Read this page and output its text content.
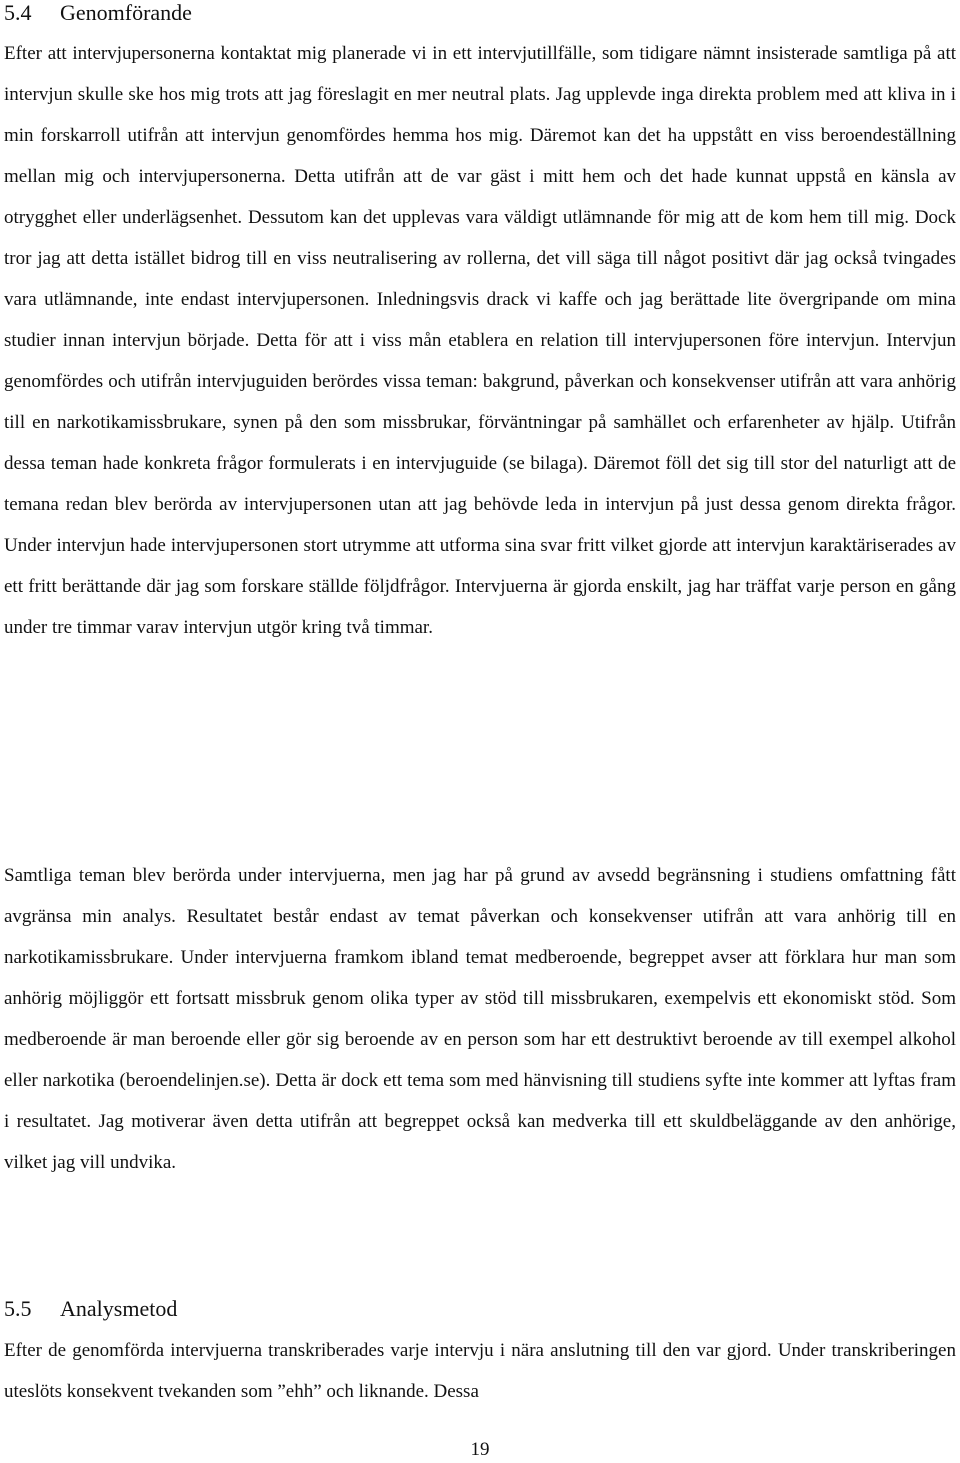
5.4 Genomförande

Efter att intervjupersonerna kontaktat mig planerade vi in ett intervjutillfälle, som tidigare nämnt insisterade samtliga på att intervjun skulle ske hos mig trots att jag föreslagit en mer neutral plats. Jag upplevde inga direkta problem med att kliva in i min forskarroll utifrån att intervjun genomfördes hemma hos mig. Däremot kan det ha uppstått en viss beroendeställning mellan mig och intervjupersonerna. Detta utifrån att de var gäst i mitt hem och det hade kunnat uppstå en känsla av otrygghet eller underlägsenhet. Dessutom kan det upplevas vara väldigt utlämnande för mig att de kom hem till mig. Dock tror jag att detta istället bidrog till en viss neutralisering av rollerna, det vill säga till något positivt där jag också tvingades vara utlämnande, inte endast intervjupersonen. Inledningsvis drack vi kaffe och jag berättade lite övergripande om mina studier innan intervjun började. Detta för att i viss mån etablera en relation till intervjupersonen före intervjun. Intervjun genomfördes och utifrån intervjuguiden berördes vissa teman: bakgrund, påverkan och konsekvenser utifrån att vara anhörig till en narkotikamissbrukare, synen på den som missbrukar, förväntningar på samhället och erfarenheter av hjälp. Utifrån dessa teman hade konkreta frågor formulerats i en intervjuguide (se bilaga). Däremot föll det sig till stor del naturligt att de temana redan blev berörda av intervjupersonen utan att jag behövde leda in intervjun på just dessa genom direkta frågor. Under intervjun hade intervjupersonen stort utrymme att utforma sina svar fritt vilket gjorde att intervjun karaktäriserades av ett fritt berättande där jag som forskare ställde följdfrågor. Intervjuerna är gjorda enskilt, jag har träffat varje person en gång under tre timmar varav intervjun utgör kring två timmar.

Samtliga teman blev berörda under intervjuerna, men jag har på grund av avsedd begränsning i studiens omfattning fått avgränsa min analys. Resultatet består endast av temat påverkan och konsekvenser utifrån att vara anhörig till en narkotikamissbrukare. Under intervjuerna framkom ibland temat medberoende, begreppet avser att förklara hur man som anhörig möjliggör ett fortsatt missbruk genom olika typer av stöd till missbrukaren, exempelvis ett ekonomiskt stöd. Som medberoende är man beroende eller gör sig beroende av en person som har ett destruktivt beroende av till exempel alkohol eller narkotika (beroendelinjen.se). Detta är dock ett tema som med hänvisning till studiens syfte inte kommer att lyftas fram i resultatet. Jag motiverar även detta utifrån att begreppet också kan medverka till ett skuldbeläggande av den anhörige, vilket jag vill undvika.

5.5 Analysmetod

Efter de genomförda intervjuerna transkriberades varje intervju i nära anslutning till den var gjord. Under transkriberingen uteslöts konsekvent tvekanden som ”ehh” och liknande. Dessa

19
